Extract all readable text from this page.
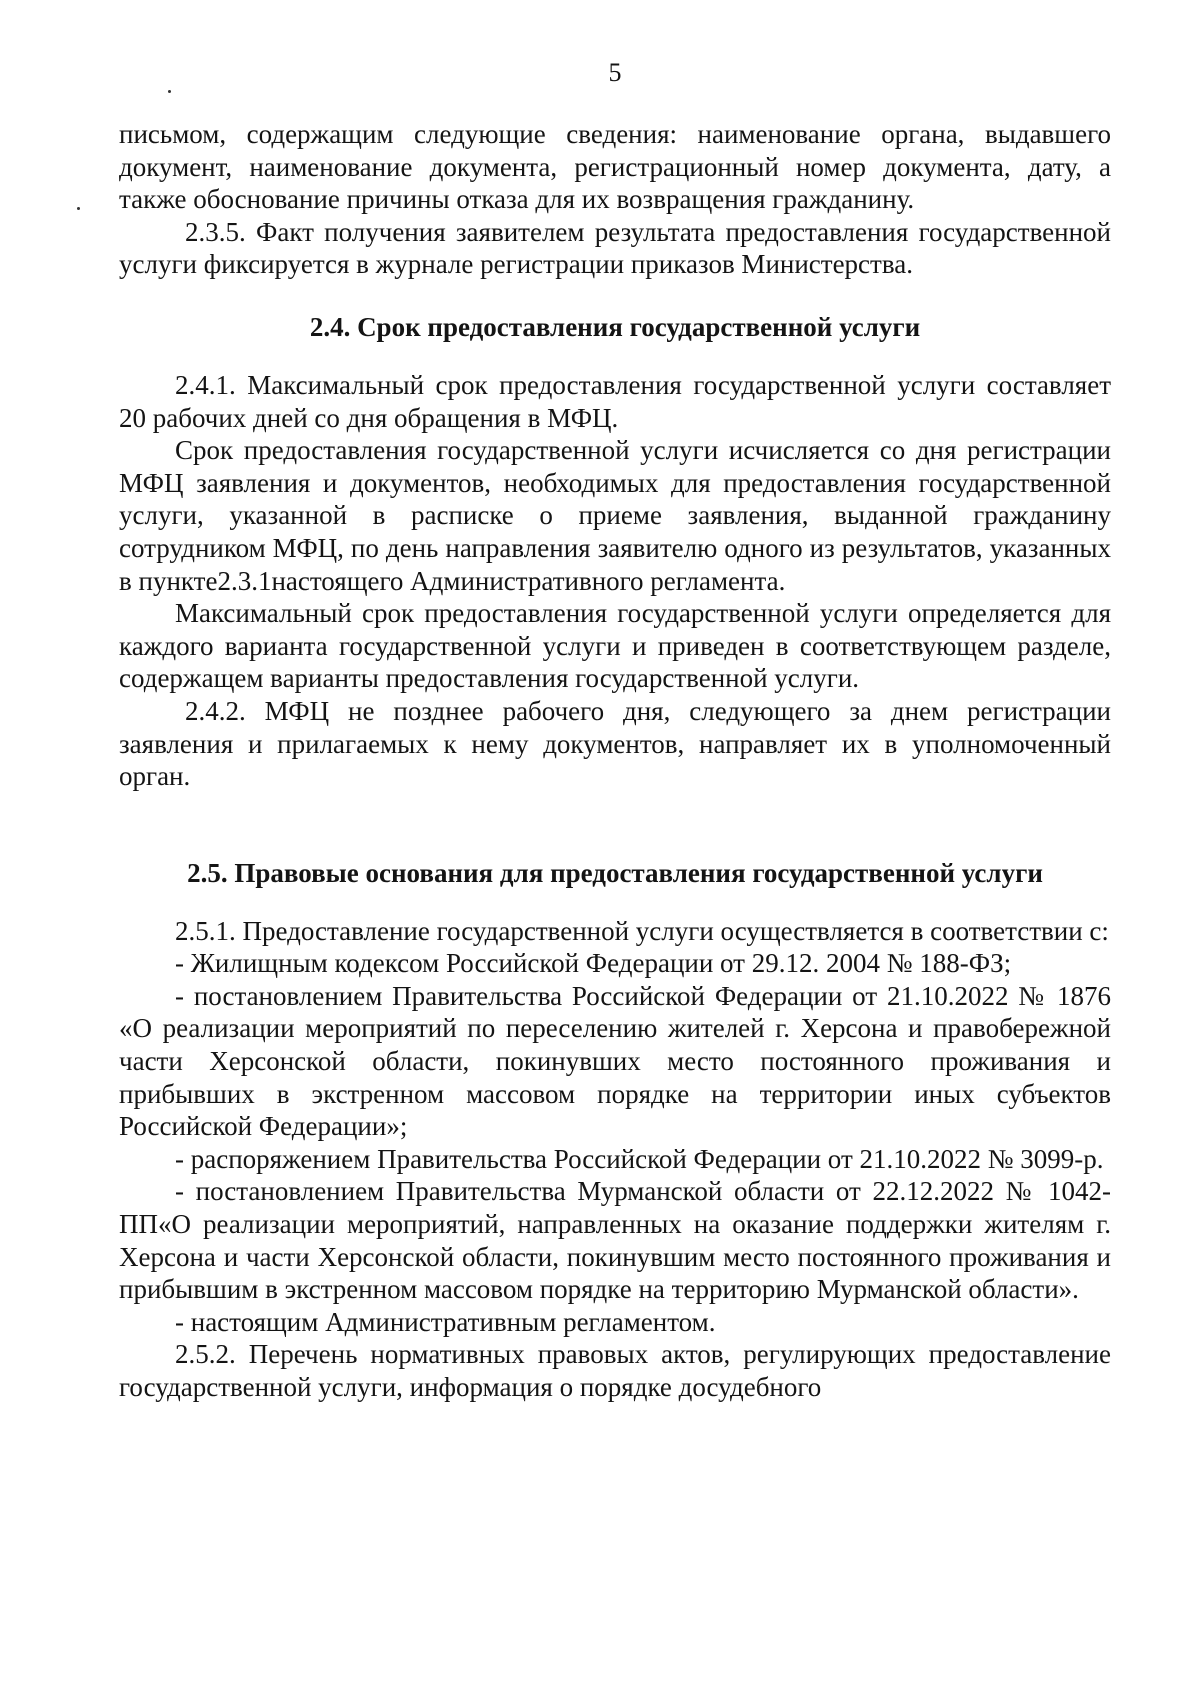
5

письмом, содержащим следующие сведения: наименование органа, выдавшего документ, наименование документа, регистрационный номер документа, дату, а также обоснование причины отказа для их возвращения гражданину.

2.3.5. Факт получения заявителем результата предоставления государственной услуги фиксируется в журнале регистрации приказов Министерства.

2.4. Срок предоставления государственной услуги

2.4.1. Максимальный срок предоставления государственной услуги составляет 20 рабочих дней со дня обращения в МФЦ.

Срок предоставления государственной услуги исчисляется со дня регистрации МФЦ заявления и документов, необходимых для предоставления государственной услуги, указанной в расписке о приеме заявления, выданной гражданину сотрудником МФЦ, по день направления заявителю одного из результатов, указанных в пункте2.3.1настоящего Административного регламента.

Максимальный срок предоставления государственной услуги определяется для каждого варианта государственной услуги и приведен в соответствующем разделе, содержащем варианты предоставления государственной услуги.

2.4.2. МФЦ не позднее рабочего дня, следующего за днем регистрации заявления и прилагаемых к нему документов, направляет их в уполномоченный орган.

2.5. Правовые основания для предоставления государственной услуги

2.5.1. Предоставление государственной услуги осуществляется в соответствии с:

- Жилищным кодексом Российской Федерации от 29.12. 2004 № 188-ФЗ;

- постановлением Правительства Российской Федерации от 21.10.2022 № 1876 «О реализации мероприятий по переселению жителей г. Херсона и правобережной части Херсонской области, покинувших место постоянного проживания и прибывших в экстренном массовом порядке на территории иных субъектов Российской Федерации»;

- распоряжением Правительства Российской Федерации от 21.10.2022 № 3099-р.

- постановлением Правительства Мурманской области от 22.12.2022 № 1042-ПП«О реализации мероприятий, направленных на оказание поддержки жителям г. Херсона и части Херсонской области, покинувшим место постоянного проживания и прибывшим в экстренном массовом порядке на территорию Мурманской области».

- настоящим Административным регламентом.

2.5.2. Перечень нормативных правовых актов, регулирующих предоставление государственной услуги, информация о порядке досудебного
